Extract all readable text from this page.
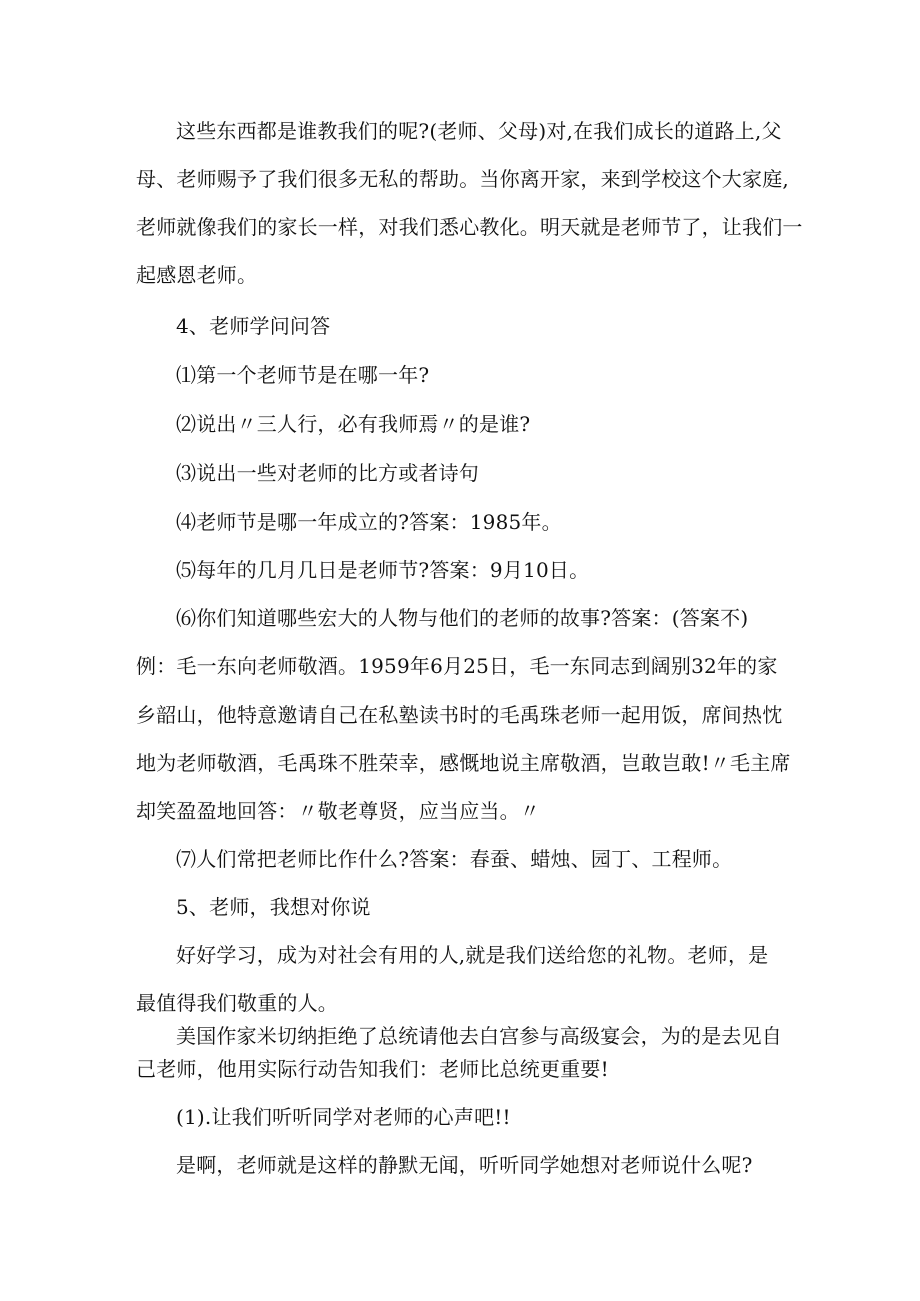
这些东西都是谁教我们的呢?(老师、父母)对,在我们成长的道路上,父

母、老师赐予了我们很多无私的帮助。当你离开家，来到学校这个大家庭,

老师就像我们的家长一样，对我们悉心教化。明天就是老师节了，让我们一

起感恩老师。

4、老师学问问答

⑴第一个老师节是在哪一年?

⑵说出〃三人行，必有我师焉〃的是谁?

⑶说出一些对老师的比方或者诗句

⑷老师节是哪一年成立的?答案：1985年。

⑸每年的几月几日是老师节?答案：9月10日。

⑹你们知道哪些宏大的人物与他们的老师的故事?答案：(答案不)

例：毛一东向老师敬酒。1959年6月25日，毛一东同志到阔别32年的家

乡韶山，他特意邀请自己在私塾读书时的毛禹珠老师一起用饭，席间热忱

地为老师敬酒，毛禹珠不胜荣幸，感慨地说主席敬酒，岂敢岂敢!〃毛主席

却笑盈盈地回答：〃敬老尊贤，应当应当。〃

⑺人们常把老师比作什么?答案：春蚕、蜡烛、园丁、工程师。

5、老师，我想对你说

好好学习，成为对社会有用的人,就是我们送给您的礼物。老师，是

最值得我们敬重的人。

美国作家米切纳拒绝了总统请他去白宫参与高级宴会，为的是去见自

己老师，他用实际行动告知我们：老师比总统更重要!

(1).让我们听听同学对老师的心声吧!!

是啊，老师就是这样的静默无闻，听听同学她想对老师说什么呢?
